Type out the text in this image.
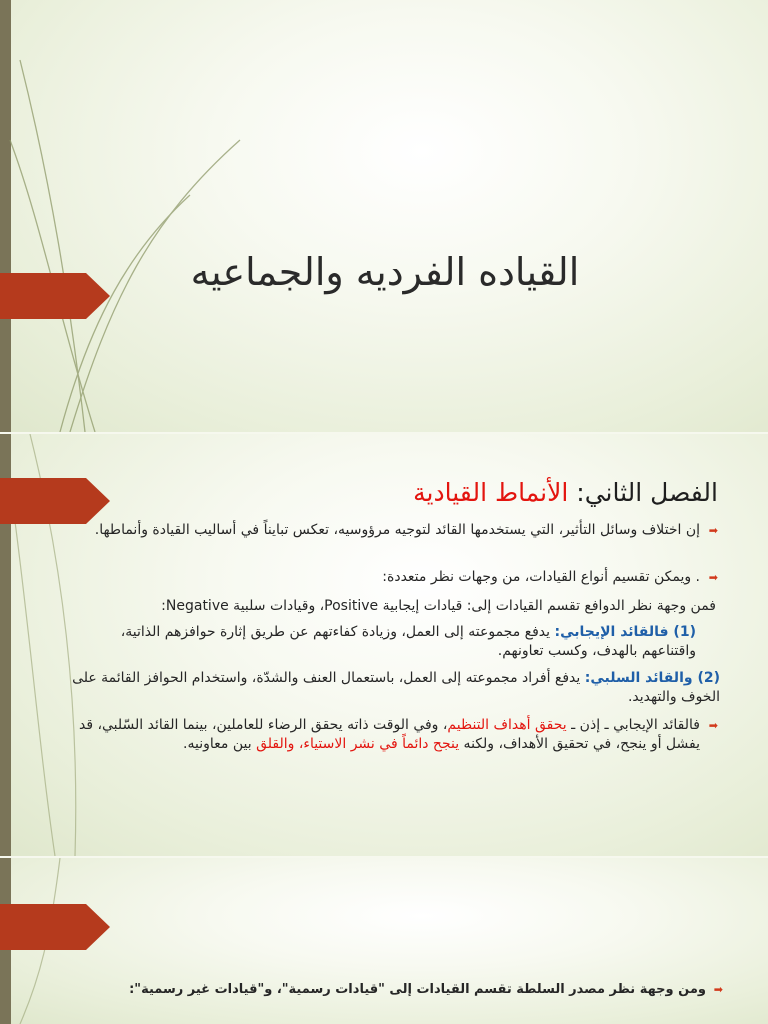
القياده الفرديه والجماعيه
الفصل الثاني: الأنماط القيادية
➡
إن اختلاف وسائل التأثير، التي يستخدمها القائد لتوجيه مرؤوسيه، تعكس تبايناً في أساليب القيادة وأنماطها.
➡
. ويمكن تقسيم أنواع القيادات، من وجهات نظر متعددة:
فمن وجهة نظر الدوافع تقسم القيادات إلى: قيادات إيجابية Positive، وقيادات سلبية Negative:
(1) فالقائد الإيجابي: يدفع مجموعته إلى العمل، وزيادة كفاءتهم عن طريق إثارة حوافزهم الذاتية، واقتناعهم بالهدف، وكسب تعاونهم.
(2) والقائد السلبي: يدفع أفراد مجموعته إلى العمل، باستعمال العنف والشدّة، واستخدام الحوافز القائمة على الخوف والتهديد.
➡
فالقائد الإيجابي ـ إذن ـ يحقق أهداف التنظيم، وفي الوقت ذاته يحقق الرضاء للعاملين، بينما القائد السّلبي، قد يفشل أو ينجح، في تحقيق الأهداف، ولكنه ينجح دائماً في نشر الاستياء، والقلق بين معاونيه.
➡
ومن وجهة نظر مصدر السلطة تقسم القيادات إلى "قيادات رسمية"، و"قيادات غير رسمية":
